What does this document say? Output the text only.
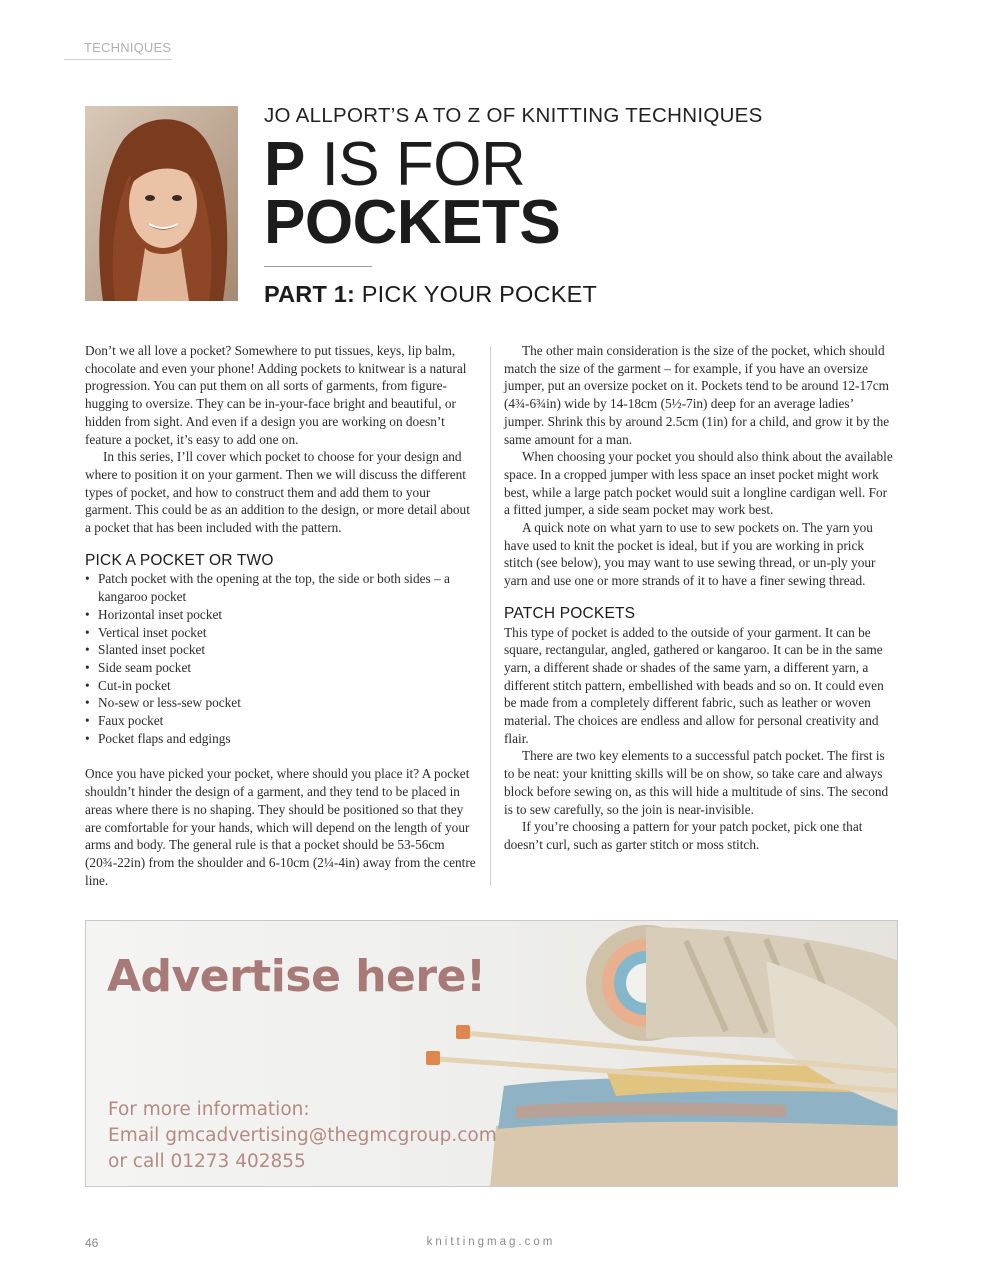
TECHNIQUES
JO ALLPORT’S A TO Z OF KNITTING TECHNIQUES
P IS FOR
POCKETS
PART 1: PICK YOUR POCKET

Don’t we all love a pocket? Somewhere to put tissues, keys, lip balm, chocolate and even your phone! Adding pockets to knitwear is a natural progression. You can put them on all sorts of garments, from figure-hugging to oversize. They can be in-your-face bright and beautiful, or hidden from sight. And even if a design you are working on doesn’t feature a pocket, it’s easy to add one on.

In this series, I’ll cover which pocket to choose for your design and where to position it on your garment. Then we will discuss the different types of pocket, and how to construct them and add them to your garment. This could be as an addition to the design, or more detail about a pocket that has been included with the pattern.

PICK A POCKET OR TWO
• Patch pocket with the opening at the top, the side or both sides – a kangaroo pocket
• Horizontal inset pocket
• Vertical inset pocket
• Slanted inset pocket
• Side seam pocket
• Cut-in pocket
• No-sew or less-sew pocket
• Faux pocket
• Pocket flaps and edgings

Once you have picked your pocket, where should you place it? A pocket shouldn’t hinder the design of a garment, and they tend to be placed in areas where there is no shaping. They should be positioned so that they are comfortable for your hands, which will depend on the length of your arms and body. The general rule is that a pocket should be 53-56cm (20¾-22in) from the shoulder and 6-10cm (2¼-4in) away from the centre line.

The other main consideration is the size of the pocket, which should match the size of the garment – for example, if you have an oversize jumper, put an oversize pocket on it. Pockets tend to be around 12-17cm (4¾-6¾in) wide by 14-18cm (5½-7in) deep for an average ladies’ jumper. Shrink this by around 2.5cm (1in) for a child, and grow it by the same amount for a man.

When choosing your pocket you should also think about the available space. In a cropped jumper with less space an inset pocket might work best, while a large patch pocket would suit a longline cardigan well. For a fitted jumper, a side seam pocket may work best.

A quick note on what yarn to use to sew pockets on. The yarn you have used to knit the pocket is ideal, but if you are working in prick stitch (see below), you may want to use sewing thread, or un-ply your yarn and use one or more strands of it to have a finer sewing thread.

PATCH POCKETS

This type of pocket is added to the outside of your garment. It can be square, rectangular, angled, gathered or kangaroo. It can be in the same yarn, a different shade or shades of the same yarn, a different yarn, a different stitch pattern, embellished with beads and so on. It could even be made from a completely different fabric, such as leather or woven material. The choices are endless and allow for personal creativity and flair.

There are two key elements to a successful patch pocket. The first is to be neat: your knitting skills will be on show, so take care and always block before sewing on, as this will hide a multitude of sins. The second is to sew carefully, so the join is near-invisible.

If you’re choosing a pattern for your patch pocket, pick one that doesn’t curl, such as garter stitch or moss stitch.

Advertise here!
For more information:
Email gmcadvertising@thegmcgroup.com
or call 01273 402855
46	knittingmag.com
